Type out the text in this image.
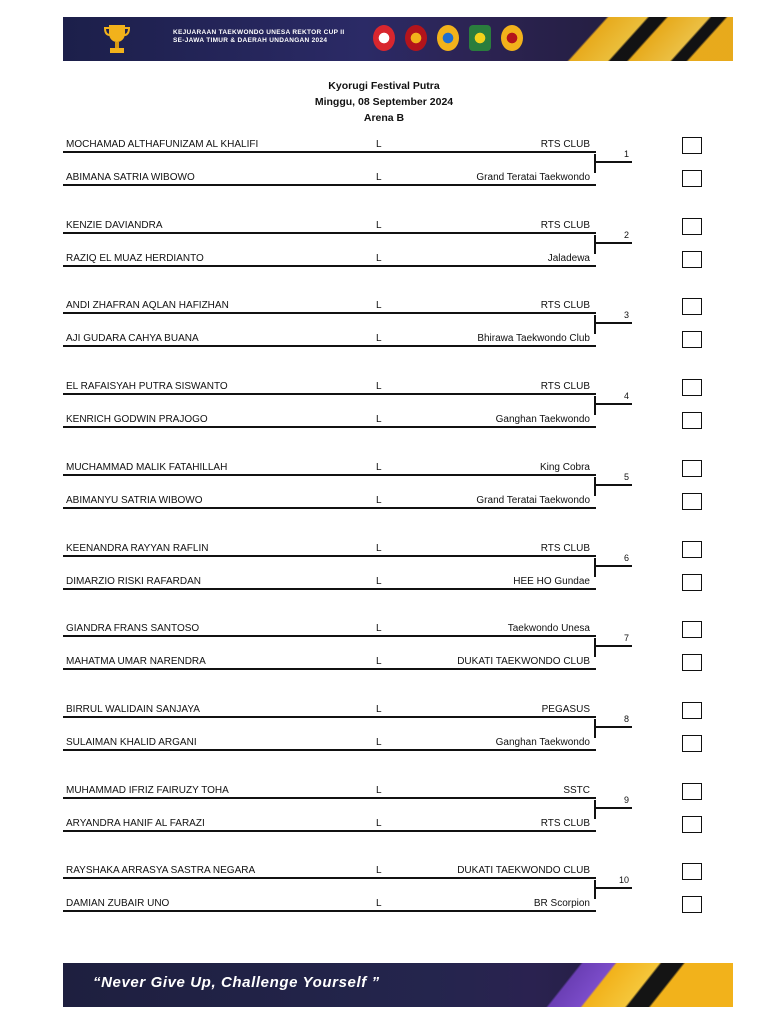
KEJUARAAN TAEKWONDO UNESA REKTOR CUP II
SE-JAWA TIMUR & DAERAH UNDANGAN 2024
Kyorugi Festival Putra
Minggu, 08 September 2024
Arena B
MOCHAMAD ALTHAFUNIZAM AL KHALIFI	L	RTS CLUB
ABIMANA SATRIA WIBOWO	L	Grand Teratai Taekwondo
1
KENZIE DAVIANDRA	L	RTS CLUB
RAZIQ EL MUAZ HERDIANTO	L	Jaladewa
2
ANDI ZHAFRAN AQLAN HAFIZHAN	L	RTS CLUB
AJI GUDARA CAHYA BUANA	L	Bhirawa Taekwondo Club
3
EL RAFAISYAH PUTRA SISWANTO	L	RTS CLUB
KENRICH GODWIN PRAJOGO	L	Ganghan Taekwondo
4
MUCHAMMAD MALIK FATAHILLAH	L	King Cobra
ABIMANYU SATRIA WIBOWO	L	Grand Teratai Taekwondo
5
KEENANDRA RAYYAN RAFLIN	L	RTS CLUB
DIMARZIO RISKI RAFARDAN	L	HEE HO Gundae
6
GIANDRA FRANS SANTOSO	L	Taekwondo Unesa
MAHATMA UMAR NARENDRA	L	DUKATI TAEKWONDO CLUB
7
BIRRUL WALIDAIN SANJAYA	L	PEGASUS
SULAIMAN KHALID ARGANI	L	Ganghan Taekwondo
8
MUHAMMAD IFRIZ FAIRUZY TOHA	L	SSTC
ARYANDRA HANIF AL FARAZI	L	RTS CLUB
9
RAYSHAKA ARRASYA SASTRA NEGARA	L	DUKATI TAEKWONDO CLUB
DAMIAN ZUBAIR UNO	L	BR Scorpion
10
“Never Give Up, Challenge Yourself ”
